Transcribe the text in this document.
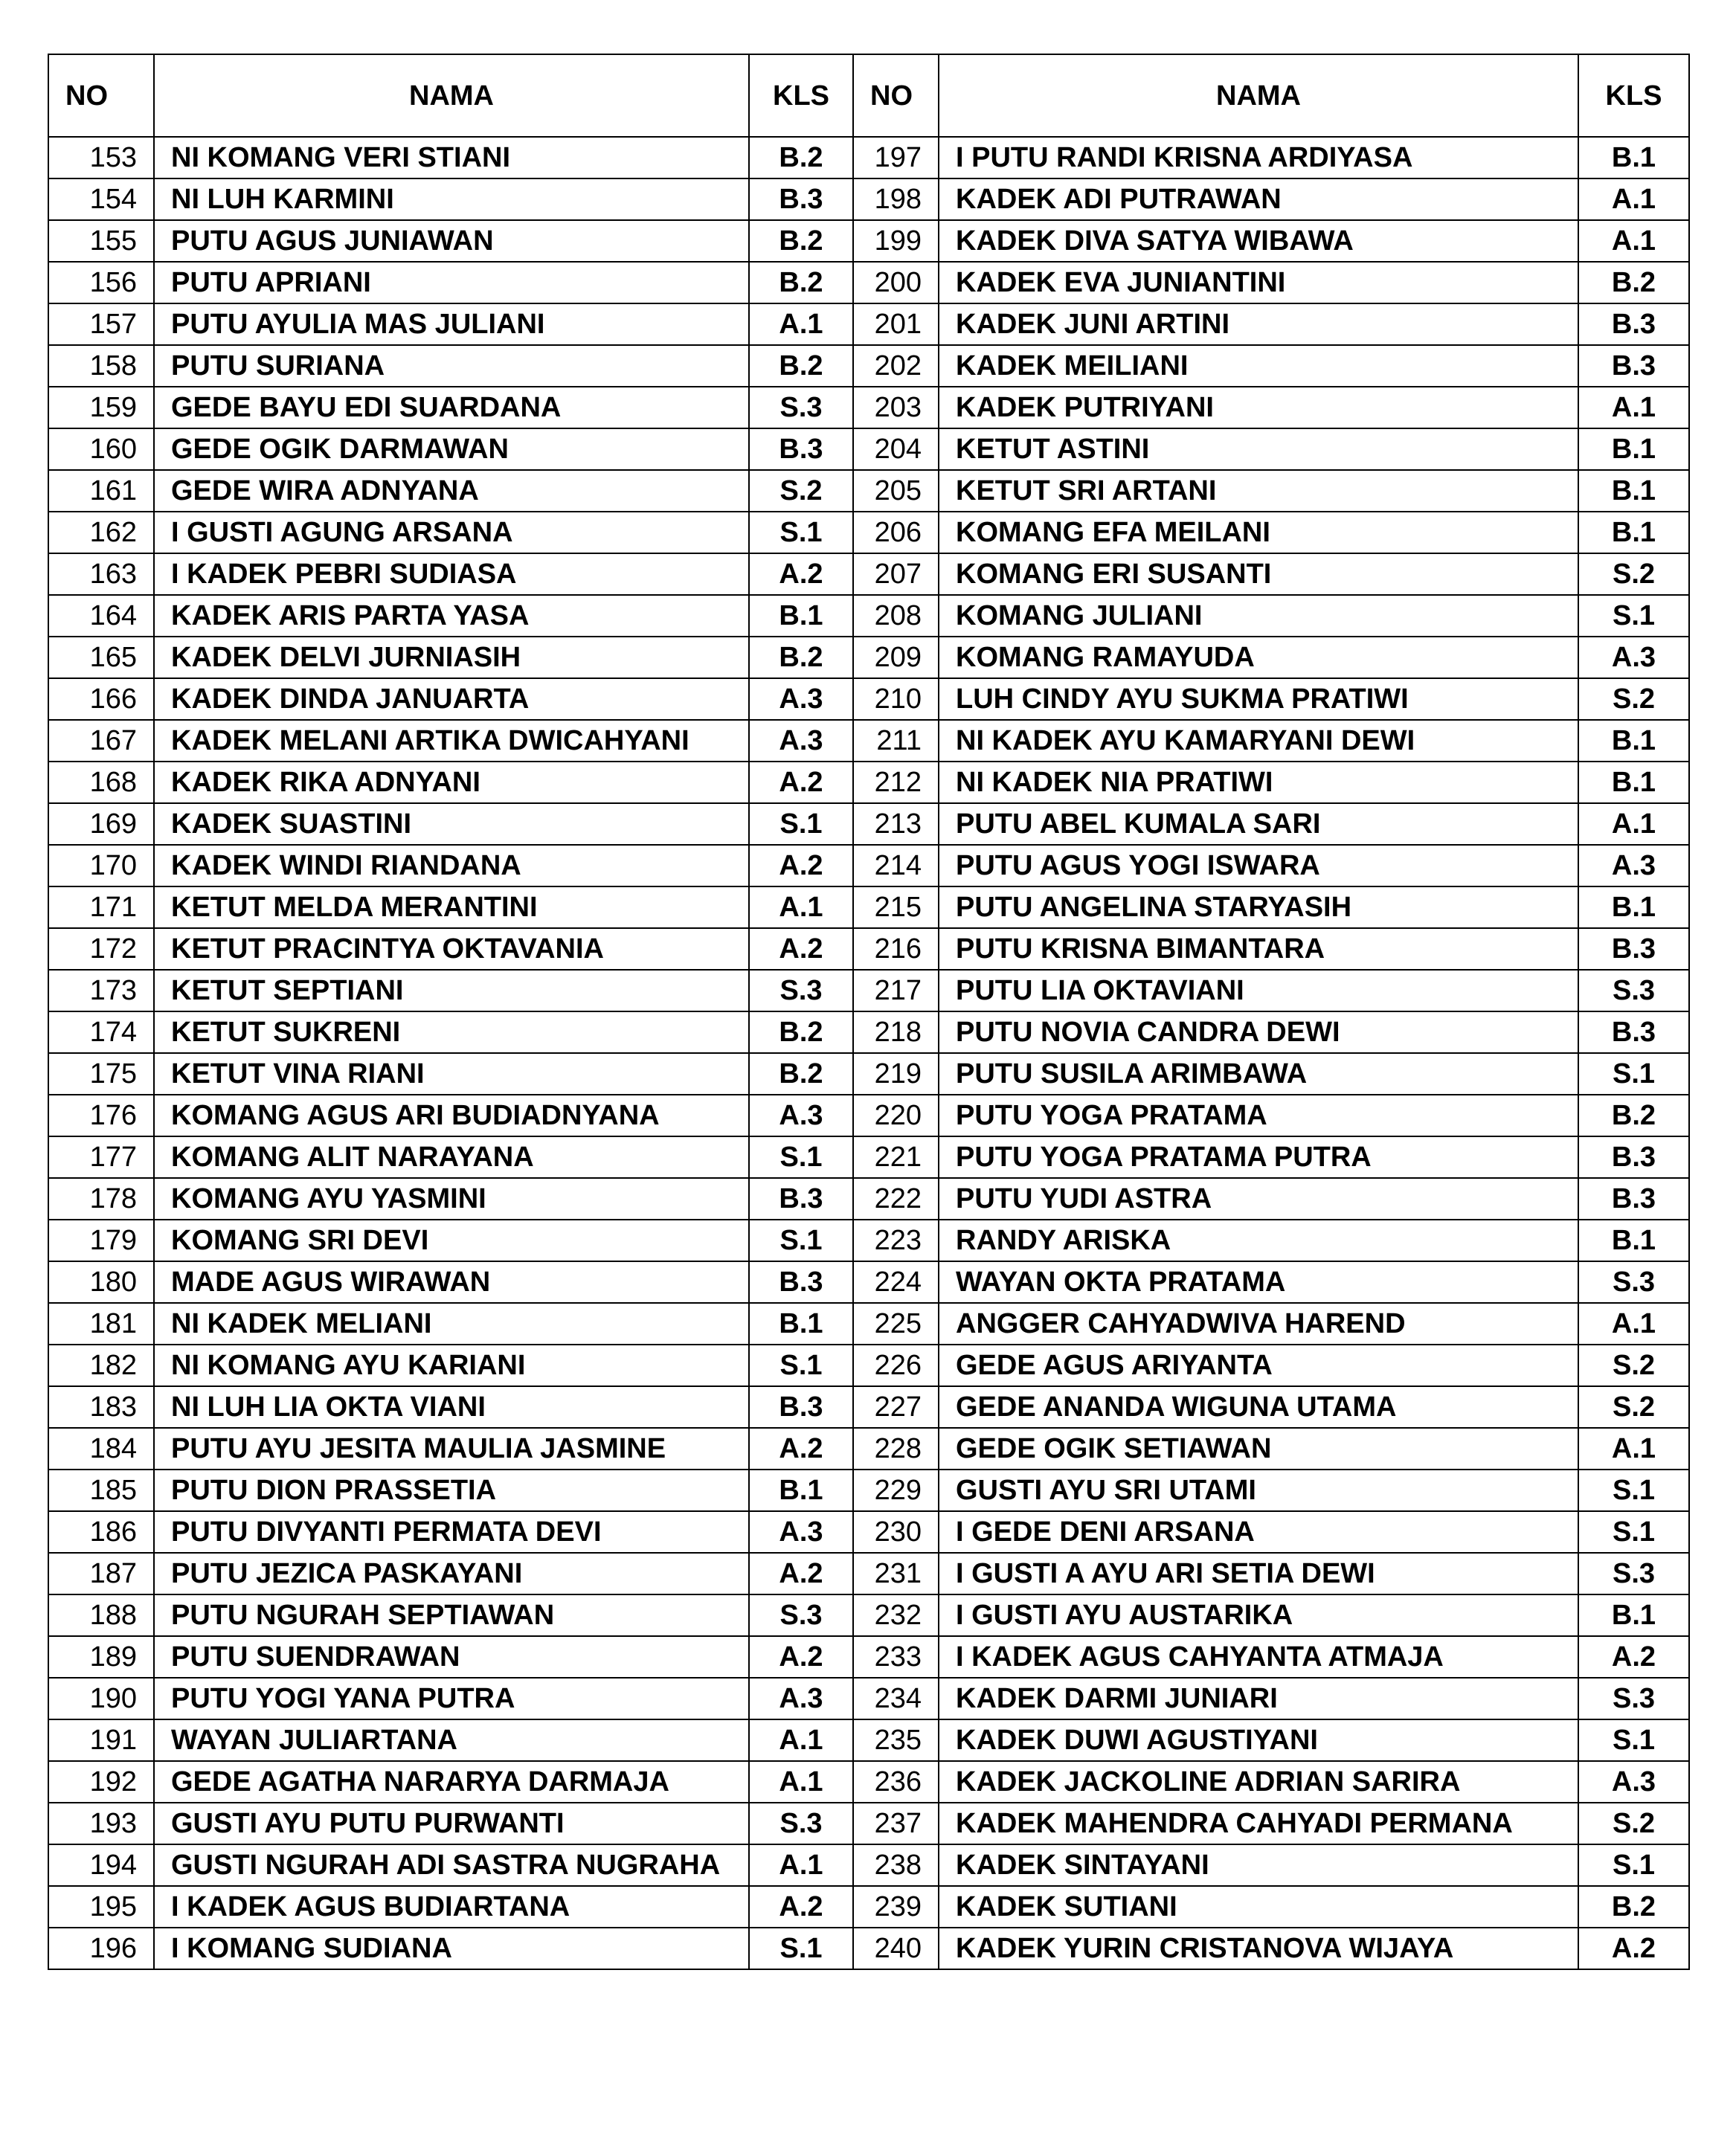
NO	NAMA	KLS	NO	NAMA	KLS
153	NI KOMANG VERI STIANI	B.2	197	I PUTU RANDI KRISNA ARDIYASA	B.1
154	NI LUH KARMINI	B.3	198	KADEK ADI PUTRAWAN	A.1
155	PUTU AGUS JUNIAWAN	B.2	199	KADEK DIVA SATYA WIBAWA	A.1
156	PUTU APRIANI	B.2	200	KADEK EVA JUNIANTINI	B.2
157	PUTU AYULIA MAS JULIANI	A.1	201	KADEK JUNI ARTINI	B.3
158	PUTU SURIANA	B.2	202	KADEK MEILIANI	B.3
159	GEDE BAYU EDI SUARDANA	S.3	203	KADEK PUTRIYANI	A.1
160	GEDE OGIK DARMAWAN	B.3	204	KETUT ASTINI	B.1
161	GEDE WIRA ADNYANA	S.2	205	KETUT SRI ARTANI	B.1
162	I GUSTI AGUNG ARSANA	S.1	206	KOMANG EFA MEILANI	B.1
163	I KADEK PEBRI SUDIASA	A.2	207	KOMANG ERI SUSANTI	S.2
164	KADEK ARIS PARTA YASA	B.1	208	KOMANG JULIANI	S.1
165	KADEK DELVI JURNIASIH	B.2	209	KOMANG RAMAYUDA	A.3
166	KADEK DINDA JANUARTA	A.3	210	LUH CINDY AYU SUKMA PRATIWI	S.2
167	KADEK MELANI ARTIKA DWICAHYANI	A.3	211	NI KADEK AYU KAMARYANI DEWI	B.1
168	KADEK RIKA ADNYANI	A.2	212	NI KADEK NIA PRATIWI	B.1
169	KADEK SUASTINI	S.1	213	PUTU ABEL KUMALA SARI	A.1
170	KADEK WINDI RIANDANA	A.2	214	PUTU AGUS YOGI ISWARA	A.3
171	KETUT MELDA MERANTINI	A.1	215	PUTU ANGELINA STARYASIH	B.1
172	KETUT PRACINTYA OKTAVANIA	A.2	216	PUTU KRISNA BIMANTARA	B.3
173	KETUT SEPTIANI	S.3	217	PUTU LIA OKTAVIANI	S.3
174	KETUT SUKRENI	B.2	218	PUTU NOVIA CANDRA DEWI	B.3
175	KETUT VINA RIANI	B.2	219	PUTU SUSILA ARIMBAWA	S.1
176	KOMANG AGUS ARI BUDIADNYANA	A.3	220	PUTU YOGA PRATAMA	B.2
177	KOMANG ALIT NARAYANA	S.1	221	PUTU YOGA PRATAMA PUTRA	B.3
178	KOMANG AYU YASMINI	B.3	222	PUTU YUDI ASTRA	B.3
179	KOMANG SRI DEVI	S.1	223	RANDY ARISKA	B.1
180	MADE AGUS WIRAWAN	B.3	224	WAYAN OKTA PRATAMA	S.3
181	NI KADEK MELIANI	B.1	225	ANGGER CAHYADWIVA HAREND	A.1
182	NI KOMANG AYU KARIANI	S.1	226	GEDE AGUS ARIYANTA	S.2
183	NI LUH LIA OKTA VIANI	B.3	227	GEDE ANANDA WIGUNA UTAMA	S.2
184	PUTU AYU JESITA MAULIA JASMINE	A.2	228	GEDE OGIK SETIAWAN	A.1
185	PUTU DION PRASSETIA	B.1	229	GUSTI AYU SRI UTAMI	S.1
186	PUTU DIVYANTI PERMATA DEVI	A.3	230	I GEDE DENI ARSANA	S.1
187	PUTU JEZICA PASKAYANI	A.2	231	I GUSTI A AYU ARI SETIA DEWI	S.3
188	PUTU NGURAH SEPTIAWAN	S.3	232	I GUSTI AYU AUSTARIKA	B.1
189	PUTU SUENDRAWAN	A.2	233	I KADEK AGUS CAHYANTA ATMAJA	A.2
190	PUTU YOGI YANA PUTRA	A.3	234	KADEK DARMI JUNIARI	S.3
191	WAYAN JULIARTANA	A.1	235	KADEK DUWI AGUSTIYANI	S.1
192	GEDE AGATHA NARARYA DARMAJA	A.1	236	KADEK JACKOLINE ADRIAN SARIRA	A.3
193	GUSTI AYU PUTU PURWANTI	S.3	237	KADEK MAHENDRA CAHYADI PERMANA	S.2
194	GUSTI NGURAH ADI SASTRA NUGRAHA	A.1	238	KADEK SINTAYANI	S.1
195	I KADEK AGUS BUDIARTANA	A.2	239	KADEK SUTIANI	B.2
196	I KOMANG SUDIANA	S.1	240	KADEK YURIN CRISTANOVA WIJAYA	A.2
